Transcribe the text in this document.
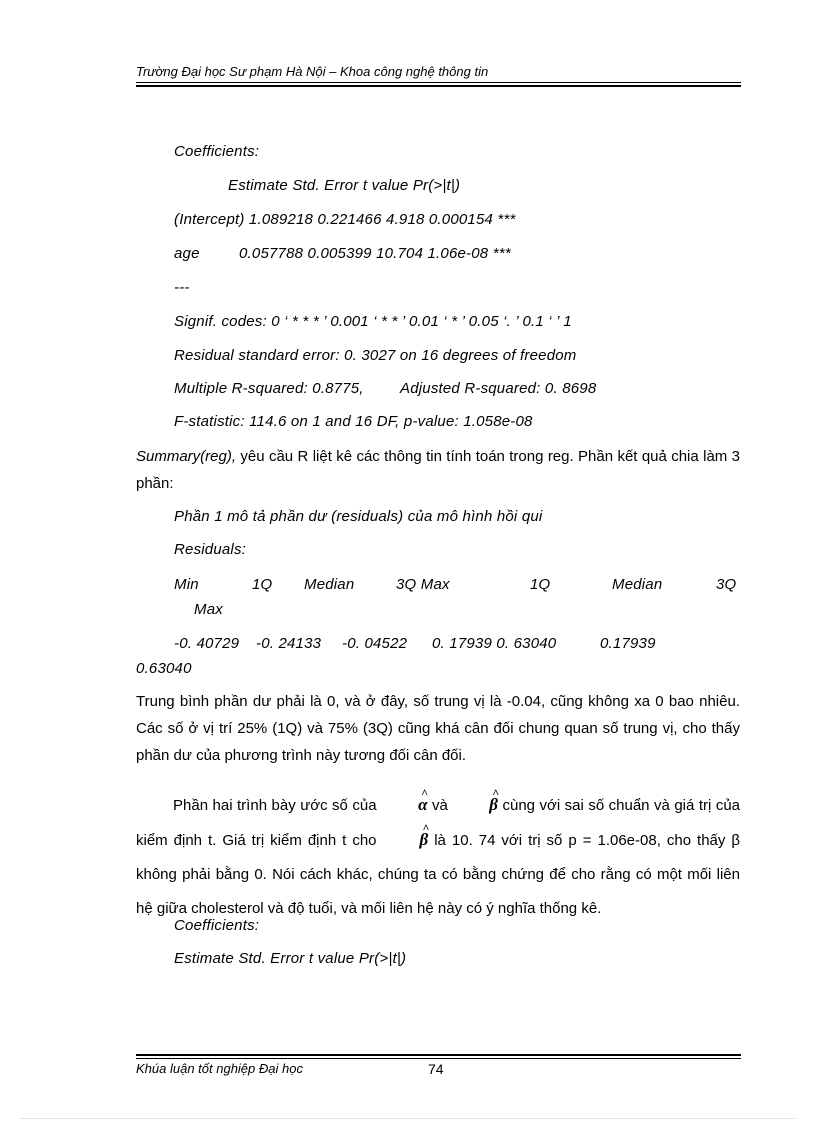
Trường Đại học Sư phạm Hà Nội – Khoa công nghệ thông tin
Coefficients:
Estimate Std. Error t value Pr(>|t|)
(Intercept) 1.089218 0.221466 4.918 0.000154 ***
age	0.057788 0.005399 10.704 1.06e-08 ***
---
Signif. codes: 0 ‘ * * * ’ 0.001 ‘ * * ’ 0.01 ‘ * ’ 0.05 ‘. ’ 0.1 ‘ ’ 1
Residual standard error: 0. 3027 on 16 degrees of freedom
Multiple R-squared: 0.8775, Adjusted R-squared: 0. 8698
F-statistic: 114.6 on 1 and 16 DF, p-value: 1.058e-08
Summary(reg), yêu cầu R liệt kê các thông tin tính toán trong reg. Phần kết quả chia làm 3 phần:
Phần 1 mô tả phần dư (residuals) của mô hình hồi qui
Residuals:
Min	1Q Median	3Q Max	1Q	Median	3Q
Max
-0. 40729 -0. 24133 -0. 04522 0. 17939 0. 63040	0.17939
0.63040
Trung bình phần dư phải là 0, và ở đây, số trung vị là -0.04, cũng không xa 0 bao nhiêu. Các số ở vị trí 25% (1Q) và 75% (3Q) cũng khá cân đối chung quan số trung vị, cho thấy phần dư của phương trình này tương đối cân đối.
Phần hai trình bày ước số của ^ α và ^ β cùng với sai số chuẩn và giá trị của kiểm định t. Giá trị kiểm định t cho ^ β là 10. 74 với trị số p = 1.06e-08, cho thấy β không phải bằng 0. Nói cách khác, chúng ta có bằng chứng để cho rằng có một mối liên hệ giữa cholesterol và độ tuổi, và mối liên hệ này có ý nghĩa thống kê.
Coefficients:
Estimate Std. Error t value Pr(>|t|)
Khúa luận tốt nghiệp Đại học	74
